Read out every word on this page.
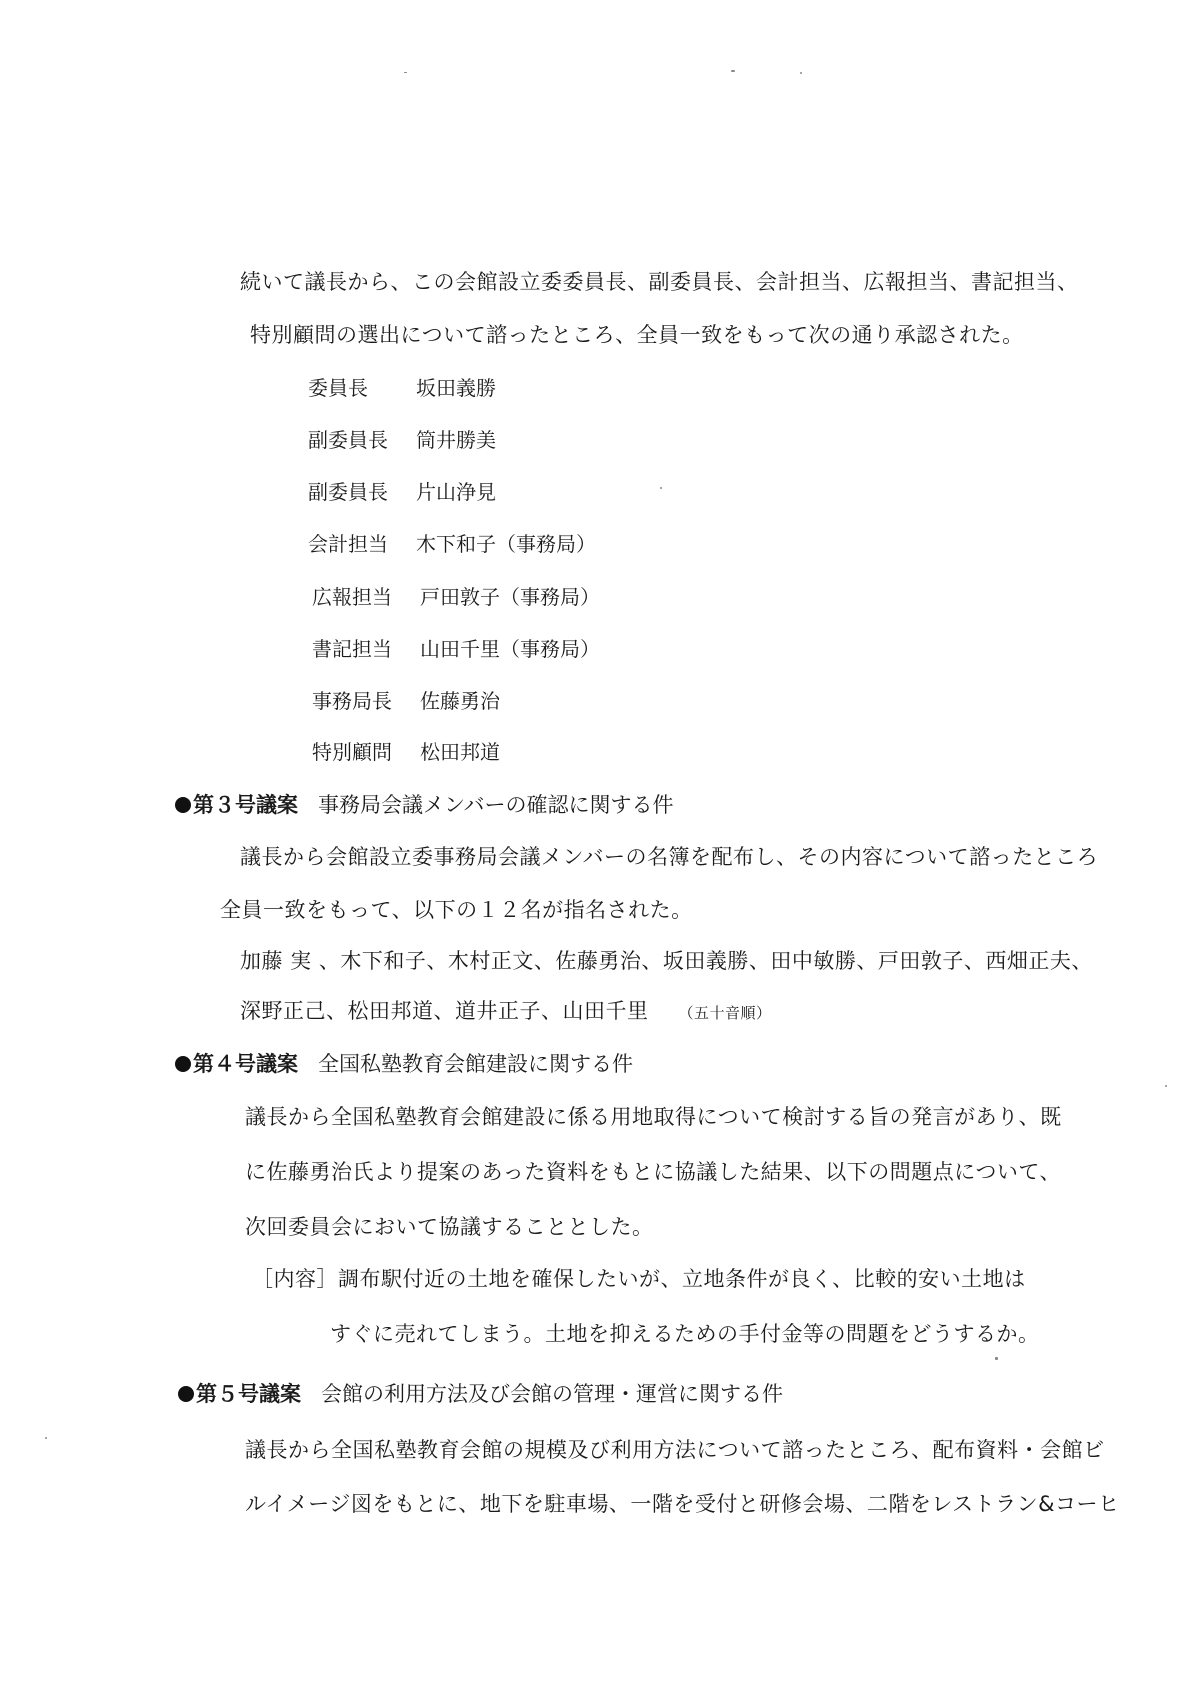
続いて議長から、この会館設立委委員長、副委員長、会計担当、広報担当、書記担当、
特別顧問の選出について諮ったところ、全員一致をもって次の通り承認された。
委員長 坂田義勝
副委員長 筒井勝美
副委員長 片山浄見
会計担当 木下和子（事務局）
広報担当 戸田敦子（事務局）
書記担当 山田千里（事務局）
事務局長 佐藤勇治
特別顧問 松田邦道
第３号議案 事務局会議メンバーの確認に関する件
議長から会館設立委事務局会議メンバーの名簿を配布し、その内容について諮ったところ
全員一致をもって、以下の１２名が指名された。
加藤 実 、木下和子、木村正文、佐藤勇治、坂田義勝、田中敏勝、戸田敦子、西畑正夫、
深野正己、松田邦道、道井正子、山田千里 （五十音順）
第４号議案 全国私塾教育会館建設に関する件
議長から全国私塾教育会館建設に係る用地取得について検討する旨の発言があり、既
に佐藤勇治氏より提案のあった資料をもとに協議した結果、以下の問題点について、
次回委員会において協議することとした。
［内容］調布駅付近の土地を確保したいが、立地条件が良く、比較的安い土地は
すぐに売れてしまう。土地を抑えるための手付金等の問題をどうするか。
第５号議案 会館の利用方法及び会館の管理・運営に関する件
議長から全国私塾教育会館の規模及び利用方法について諮ったところ、配布資料・会館ビ
ルイメージ図をもとに、地下を駐車場、一階を受付と研修会場、二階をレストラン&コーヒ
